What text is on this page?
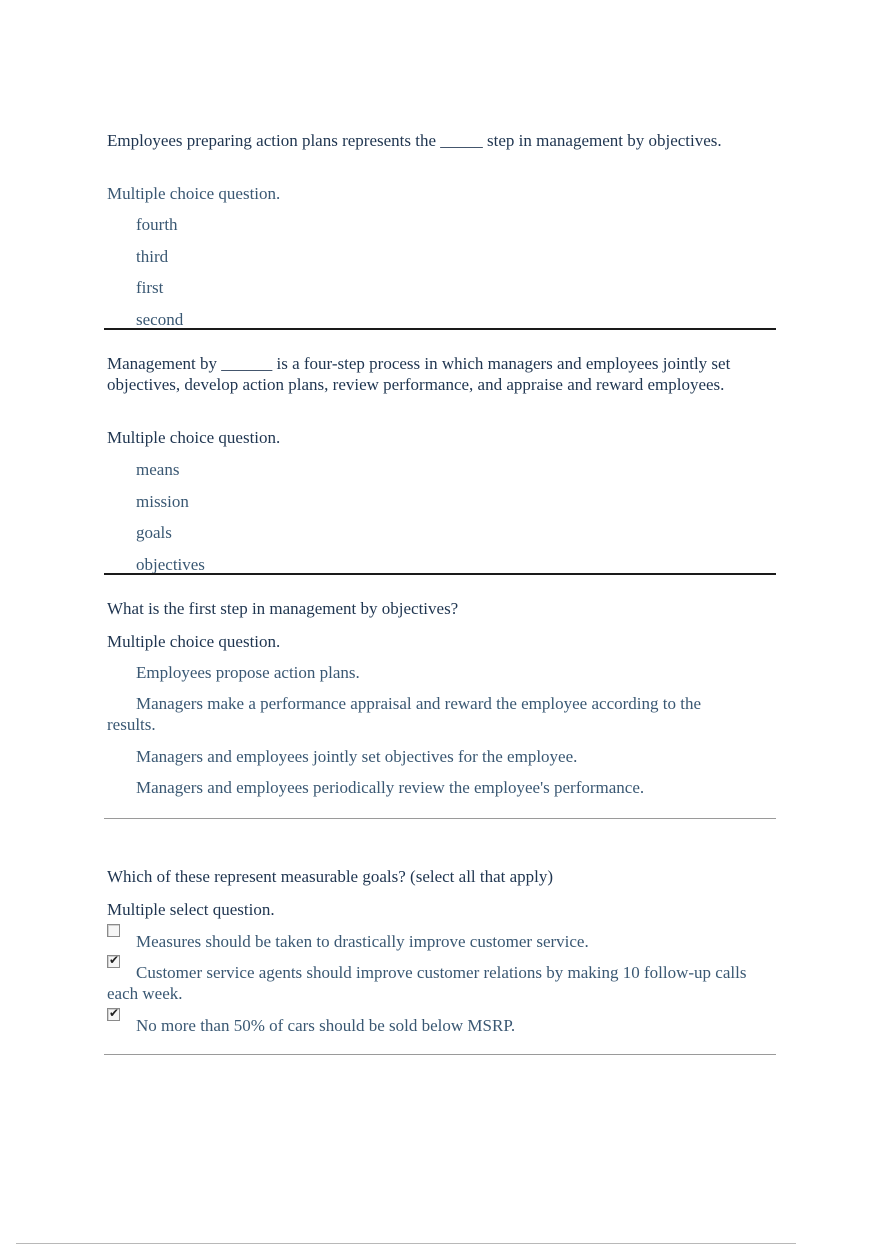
Employees preparing action plans represents the _____ step in management by objectives.

Multiple choice question.

fourth
third
first
second

Management by ______ is a four-step process in which managers and employees jointly set objectives, develop action plans, review performance, and appraise and reward employees.

Multiple choice question.

means
mission
goals
objectives

What is the first step in management by objectives?

Multiple choice question.

Employees propose action plans.
Managers make a performance appraisal and reward the employee according to the results.
Managers and employees jointly set objectives for the employee.
Managers and employees periodically review the employee's performance.

Which of these represent measurable goals? (select all that apply)

Multiple select question.

Measures should be taken to drastically improve customer service.
✔
Customer service agents should improve customer relations by making 10 follow-up calls each week.
✔
No more than 50% of cars should be sold below MSRP.
